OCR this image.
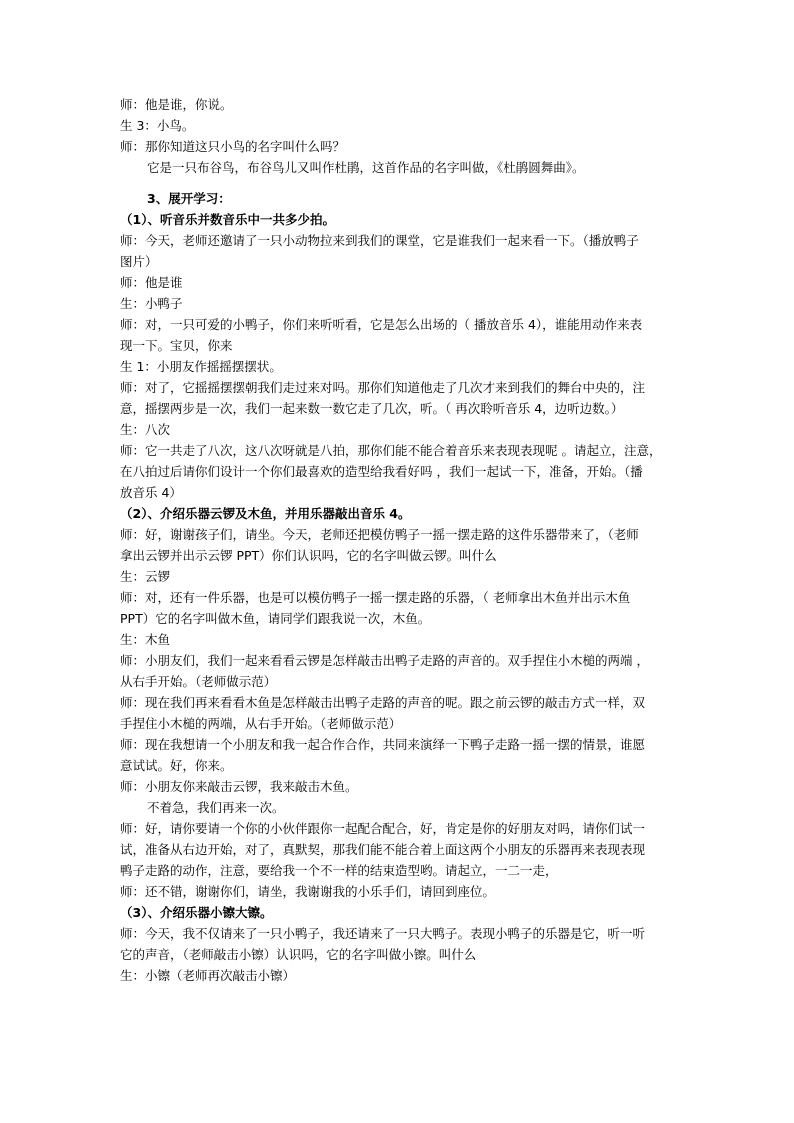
师：他是谁，你说。
生 3：小鸟。
师：那你知道这只小鸟的名字叫什么吗？
它是一只布谷鸟，布谷鸟儿又叫作杜鹃，这首作品的名字叫做，《杜鹃圆舞曲》。
3、展开学习：
（1）、听音乐并数音乐中一共多少拍。
师：今天，老师还邀请了一只小动物拉来到我们的课堂，它是谁我们一起来看一下。（播放鸭子
图片）
师：他是谁
生：小鸭子
师：对，一只可爱的小鸭子，你们来听听看，它是怎么出场的（ 播放音乐 4），谁能用动作来表
现一下。宝贝，你来
生 1：小朋友作摇摇摆摆状。
师：对了，它摇摇摆摆朝我们走过来对吗。那你们知道他走了几次才来到我们的舞台中央的，注
意，摇摆两步是一次，我们一起来数一数它走了几次，听。（ 再次聆听音乐 4，边听边数。）
生：八次
师：它一共走了八次，这八次呀就是八拍，那你们能不能合着音乐来表现表现呢 。请起立，注意，
在八拍过后请你们设计一个你们最喜欢的造型给我看好吗 ，我们一起试一下，准备，开始。（播
放音乐 4）
（2）、介绍乐器云锣及木鱼，并用乐器敲出音乐 4。
师：好，谢谢孩子们，请坐。今天，老师还把模仿鸭子一摇一摆走路的这件乐器带来了，（老师
拿出云锣并出示云锣 PPT）你们认识吗，它的名字叫做云锣。叫什么
生：云锣
师：对，还有一件乐器，也是可以模仿鸭子一摇一摆走路的乐器，（ 老师拿出木鱼并出示木鱼
PPT）它的名字叫做木鱼，请同学们跟我说一次，木鱼。
生：木鱼
师：小朋友们，我们一起来看看云锣是怎样敲击出鸭子走路的声音的。双手捏住小木槌的两端 ，
从右手开始。（老师做示范）
师：现在我们再来看看木鱼是怎样敲击出鸭子走路的声音的呢。跟之前云锣的敲击方式一样，双
手捏住小木槌的两端，从右手开始。（老师做示范）
师：现在我想请一个小朋友和我一起合作合作，共同来演绎一下鸭子走路一摇一摆的情景，谁愿
意试试。好，你来。
师：小朋友你来敲击云锣，我来敲击木鱼。
不着急，我们再来一次。
师：好，请你要请一个你的小伙伴跟你一起配合配合，好，肯定是你的好朋友对吗，请你们试一
试，准备从右边开始，对了，真默契，那我们能不能合着上面这两个小朋友的乐器再来表现表现
鸭子走路的动作，注意，要给我一个不一样的结束造型哟。请起立，一二一走，
师：还不错，谢谢你们，请坐，我谢谢我的小乐手们，请回到座位。
（3）、介绍乐器小镲大镲。
师：今天，我不仅请来了一只小鸭子，我还请来了一只大鸭子。表现小鸭子的乐器是它，听一听
它的声音，（老师敲击小镲）认识吗，它的名字叫做小镲。叫什么
生：小镲（老师再次敲击小镲）
